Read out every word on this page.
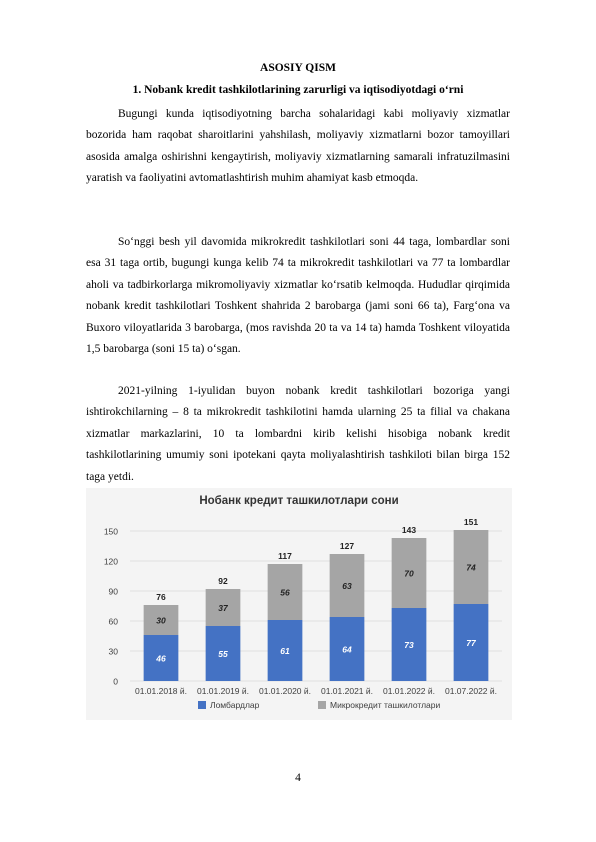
ASOSIY QISM
1. Nobank kredit tashkilotlarining zarurligi va iqtisodiyotdagi o‘rni

Bugungi kunda iqtisodiyotning barcha sohalaridagi kabi moliyaviy xizmatlar bozorida ham raqobat sharoitlarini yahshilash, moliyaviy xizmatlarni bozor tamoyillari asosida amalga oshirishni kengaytirish, moliyaviy xizmatlarning samarali infratuzilmasini yaratish va faoliyatini avtomatlashtirish muhim ahamiyat kasb etmoqda.

So‘nggi besh yil davomida mikrokredit tashkilotlari soni 44 taga, lombardlar soni esa 31 taga ortib, bugungi kunga kelib 74 ta mikrokredit tashkilotlari va 77 ta lombardlar aholi va tadbirkorlarga mikromoliyaviy xizmatlar ko‘rsatib kelmoqda. Hududlar qirqimida nobank kredit tashkilotlari Toshkent shahrida 2 barobarga (jami soni 66 ta), Farg‘ona va Buxoro viloyatlarida 3 barobarga, (mos ravishda 20 ta va 14 ta) hamda Toshkent viloyatida 1,5 barobarga (soni 15 ta) o‘sgan.

2021-yilning 1-iyulidan buyon nobank kredit tashkilotlari bozoriga yangi ishtirokchilarning – 8 ta mikrokredit tashkilotini hamda ularning 25 ta filial va chakana xizmatlar markazlarini, 10 ta lombardni kirib kelishi hisobiga nobank kredit tashkilotlarining umumiy soni ipotekani qayta moliyalashtirish tashkiloti bilan birga 152 taga yetdi.

Нобанк кредит ташкилотлари сони
0
30
60
90
120
150
46
30
76
01.01.2018 й.
55
37
92
01.01.2019 й.
61
56
117
01.01.2020 й.
64
63
127
01.01.2021 й.
73
70
143
01.01.2022 й.
77
74
151
01.07.2022 й.
Ломбардлар	Микрокредит ташкилотлари
4
